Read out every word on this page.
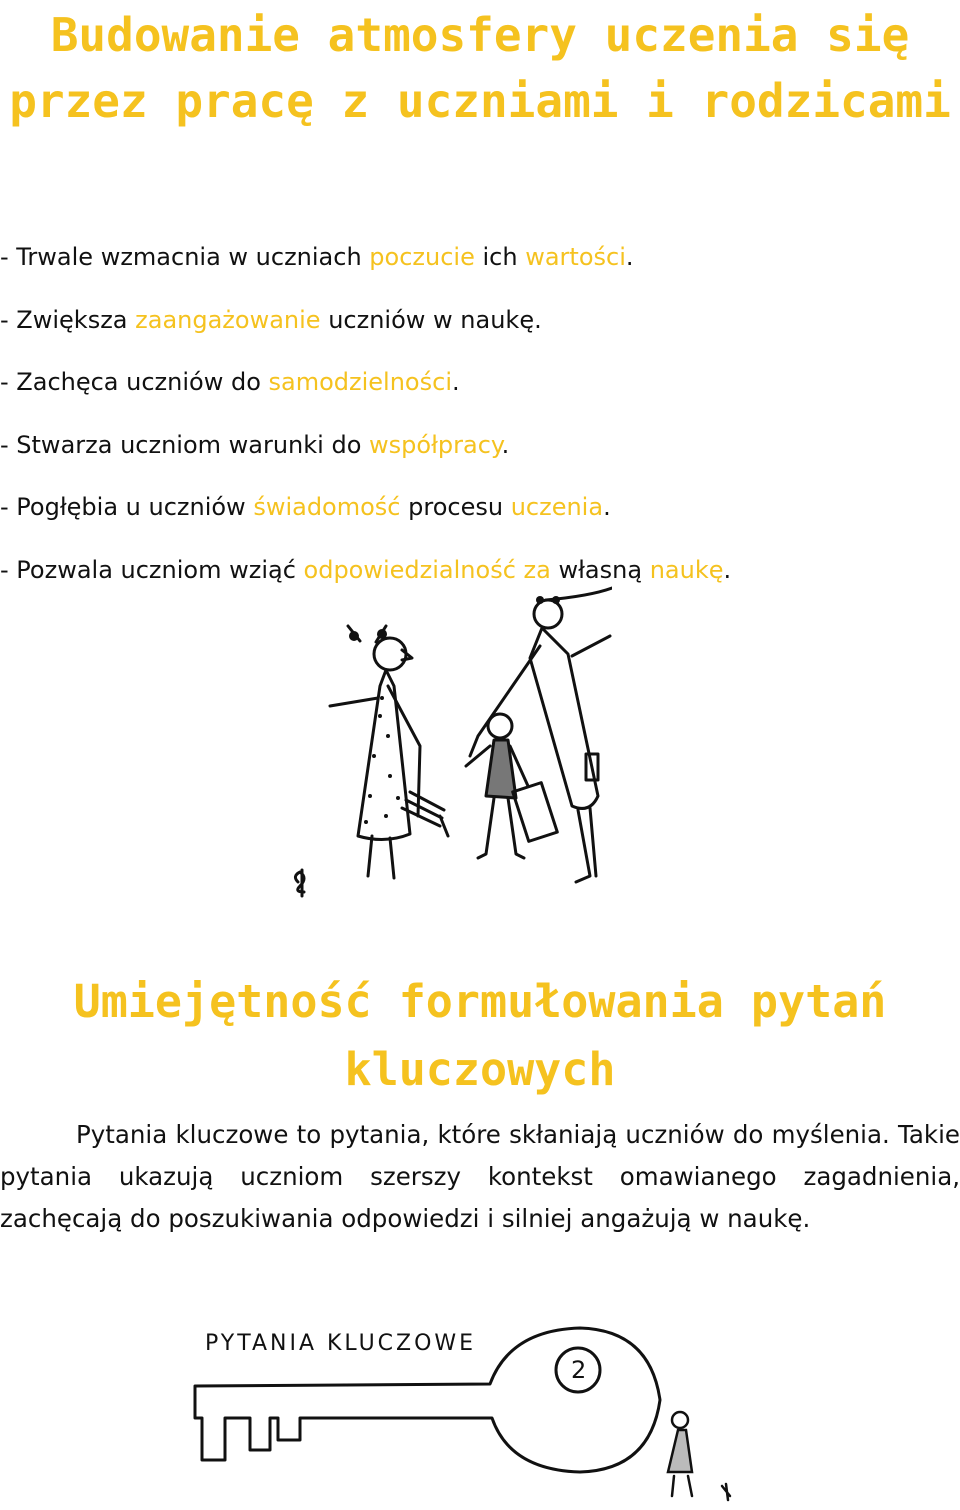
Budowanie atmosfery uczenia się przez pracę z uczniami i rodzicami
- Trwale wzmacnia w uczniach poczucie ich wartości.
- Zwiększa zaangażowanie uczniów w naukę.
- Zachęca uczniów do samodzielności.
- Stwarza uczniom warunki do współpracy.
- Pogłębia u uczniów świadomość procesu uczenia.
- Pozwala uczniom wziąć odpowiedzialność za własną naukę.
Umiejętność formułowania pytań kluczowych

Pytania kluczowe to pytania, które skłaniają uczniów do myślenia. Takie pytania ukazują uczniom szerszy kontekst omawianego zagadnienia, zachęcają do poszukiwania odpowiedzi i silniej angażują w naukę.

PYTANIA KLUCZOWE
2
